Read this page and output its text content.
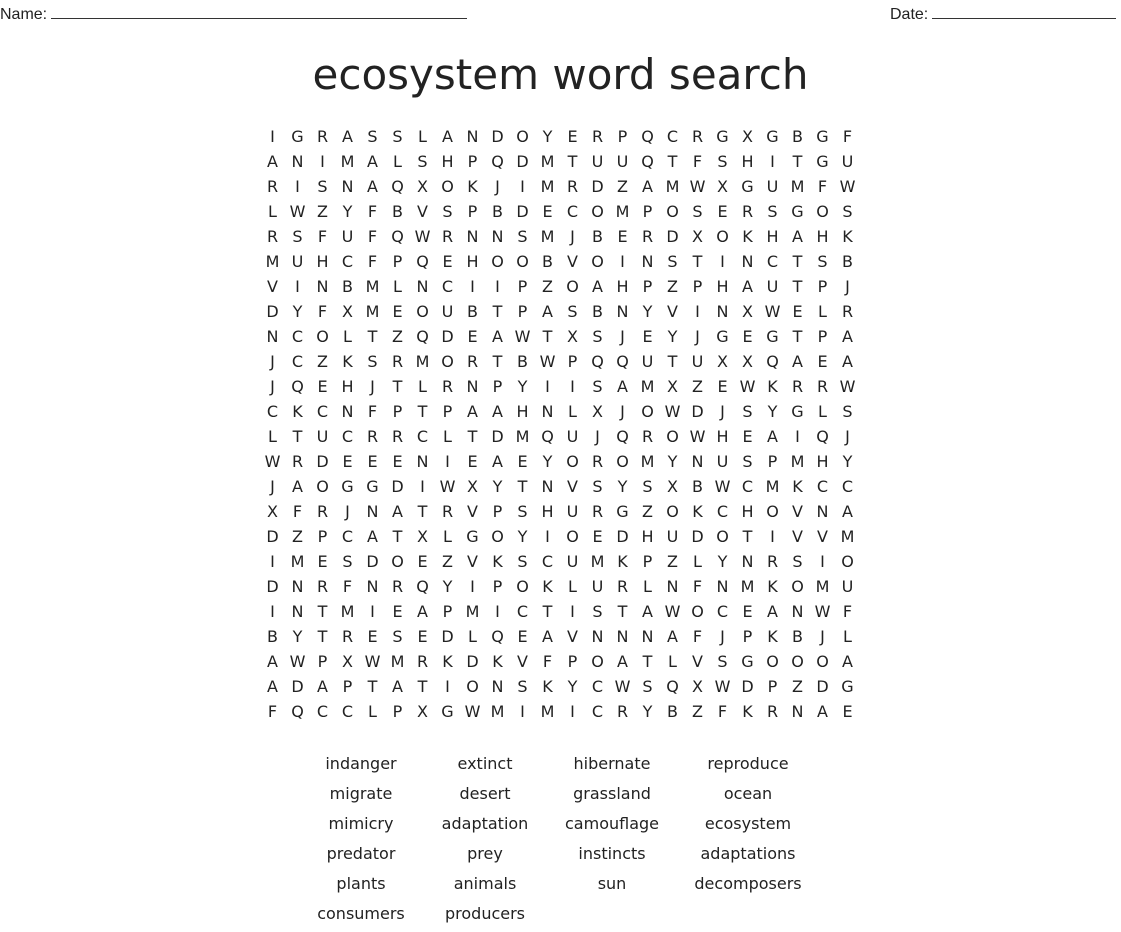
Name:	Date:
ecosystem word search
I	G R A S S L A N D O Y E R P Q C R G X G B G F
A N	I M A L S H P Q D M T U U Q T F S H	I	T G U
R	I	S N A Q X O K	J	I M R D Z A M W X G U M F W
L W Z Y F B V S P B D E C O M P O S E R S G O S
R S F U F Q W R N N S M J	B E R D X O K H A H K
M U H C F P Q E H O O B V O	I	N S T	I	N C T S B
V	I	N B M L N C	I	I	P Z O A H P Z P H A U T P	J
D Y F X M E O U B T P A S B N Y V	I	N X W E L R
N C O L T Z Q D E A W T X S	J	E Y	J	G E G T P A
J	C Z K S R M O R T B W P Q Q U T U X X Q A E A
J	Q E H	J	T L R N P Y	I	I	S A M X Z E W K R R W
C K C N F P T P A A H N L X	J	O W D	J	S Y G L S
L T U C R R C L T D M Q U	J	Q R O W H E A	I	Q	J
W R D E E E N	I	E A E Y O R O M Y N U S P M H Y
J	A O G G D	I W X Y T N V S Y S X B W C M K C C
X F R	J	N A T R V P S H U R G Z O K C H O V N A
D Z P C A T X L G O Y	I	O E D H U D O T	I	V V M
I M E S D O E Z V K S C U M K P Z L Y N R S	I	O
D N R F N R Q Y	I	P O K L U R L N F N M K O M U
I	N T M I	E A P M I	C T	I	S T A W O C E A N W F
B Y T R E S E D L Q E A V N N N A F	J	P K B	J	L
A W P X W M R K D K V F P O A T L V S G O O O A
A D A P T A T	I	O N S K Y C W S Q X W D P Z D G
F Q C C L P X G W M I M I	C R Y B Z F K R N A E
indanger	extinct	hibernate	reproduce
migrate	desert	grassland	ocean
mimicry	adaptation	camouflage	ecosystem
predator	prey	instincts	adaptations
plants	animals	sun	decomposers
consumers	producers
